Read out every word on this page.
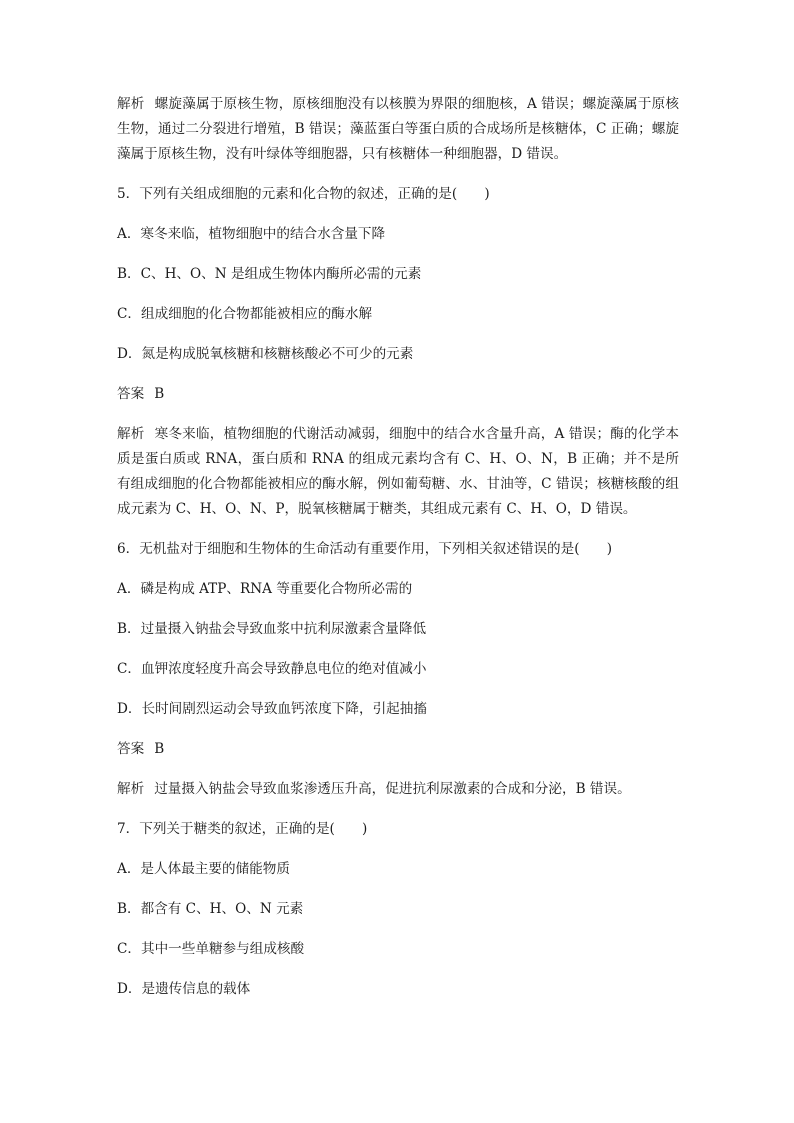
解析 螺旋藻属于原核生物，原核细胞没有以核膜为界限的细胞核，A 错误；螺旋藻属于原核生物，通过二分裂进行增殖，B 错误；藻蓝蛋白等蛋白质的合成场所是核糖体，C 正确；螺旋藻属于原核生物，没有叶绿体等细胞器，只有核糖体一种细胞器，D 错误。

5．下列有关组成细胞的元素和化合物的叙述，正确的是(　　)

A．寒冬来临，植物细胞中的结合水含量下降

B．C、H、O、N 是组成生物体内酶所必需的元素

C．组成细胞的化合物都能被相应的酶水解

D．氮是构成脱氧核糖和核糖核酸必不可少的元素

答案 B

解析 寒冬来临，植物细胞的代谢活动减弱，细胞中的结合水含量升高，A 错误；酶的化学本质是蛋白质或 RNA，蛋白质和 RNA 的组成元素均含有 C、H、O、N，B 正确；并不是所有组成细胞的化合物都能被相应的酶水解，例如葡萄糖、水、甘油等，C 错误；核糖核酸的组成元素为 C、H、O、N、P，脱氧核糖属于糖类，其组成元素有 C、H、O，D 错误。

6．无机盐对于细胞和生物体的生命活动有重要作用，下列相关叙述错误的是(　　)

A．磷是构成 ATP、RNA 等重要化合物所必需的

B．过量摄入钠盐会导致血浆中抗利尿激素含量降低

C．血钾浓度轻度升高会导致静息电位的绝对值减小

D．长时间剧烈运动会导致血钙浓度下降，引起抽搐

答案 B

解析 过量摄入钠盐会导致血浆渗透压升高，促进抗利尿激素的合成和分泌，B 错误。

7．下列关于糖类的叙述，正确的是(　　)

A．是人体最主要的储能物质

B．都含有 C、H、O、N 元素

C．其中一些单糖参与组成核酸

D．是遗传信息的载体
